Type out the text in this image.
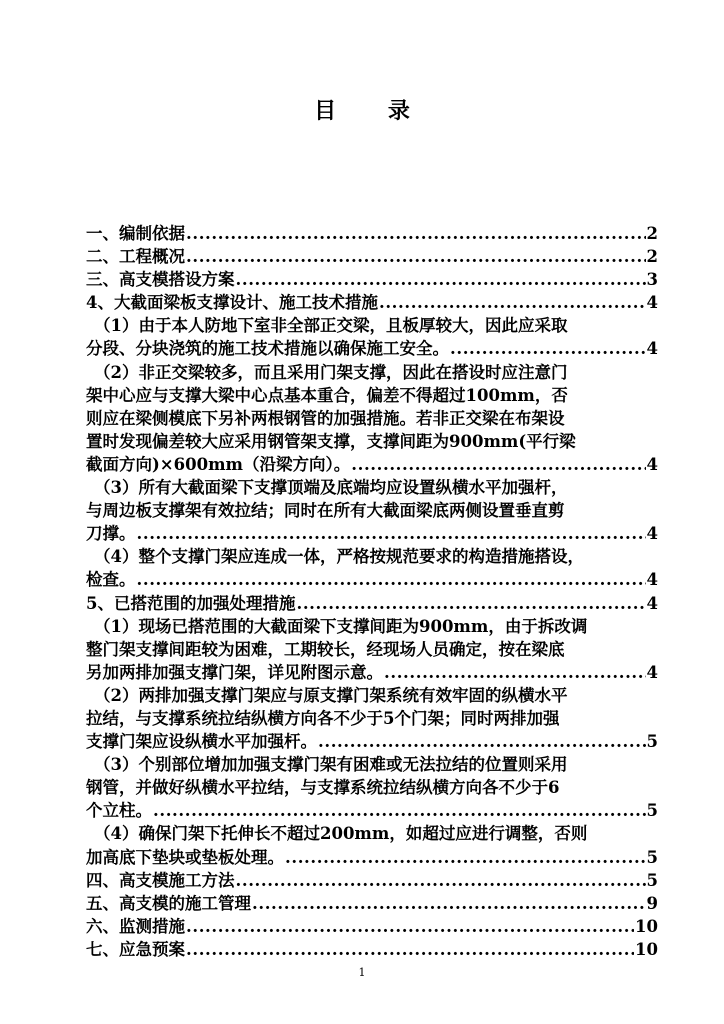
目 录
一、编制依据 .....	2
二、工程概况 .....	2
三、高支模搭设方案 .....	3
4、大截面梁板支撑设计、施工技术措施 .....	4
（1）由于本人防地下室非全部正交梁，且板厚较大，因此应采取
分段、分块浇筑的施工技术措施以确保施工安全。 .....	4
（2）非正交梁较多，而且采用门架支撑，因此在搭设时应注意门
架中心应与支撑大梁中心点基本重合，偏差不得超过100mm，否
则应在梁侧模底下另补两根钢管的加强措施。若非正交梁在布架设
置时发现偏差较大应采用钢管架支撑，支撑间距为900mm(平行梁
截面方向)×600mm（沿梁方向）。 .....	4
（3）所有大截面梁下支撑顶端及底端均应设置纵横水平加强杆，
与周边板支撑架有效拉结；同时在所有大截面梁底两侧设置垂直剪
刀撑。 .....	4
（4）整个支撑门架应连成一体，严格按规范要求的构造措施搭设，
检查。 .....	4
5、已搭范围的加强处理措施 .....	4
（1）现场已搭范围的大截面梁下支撑间距为900mm，由于拆改调
整门架支撑间距较为困难，工期较长，经现场人员确定，按在梁底
另加两排加强支撑门架，详见附图示意。 .....	4
（2）两排加强支撑门架应与原支撑门架系统有效牢固的纵横水平
拉结，与支撑系统拉结纵横方向各不少于5个门架；同时两排加强
支撑门架应设纵横水平加强杆。 .....	5
（3）个别部位增加加强支撑门架有困难或无法拉结的位置则采用
钢管，并做好纵横水平拉结，与支撑系统拉结纵横方向各不少于6
个立柱。 .....	5
（4）确保门架下托伸长不超过200mm，如超过应进行调整，否则
加高底下垫块或垫板处理。 .....	5
四、高支模施工方法 .....	5
五、高支模的施工管理 .....	9
六、监测措施 .....	10
七、应急预案 .....	10
1
